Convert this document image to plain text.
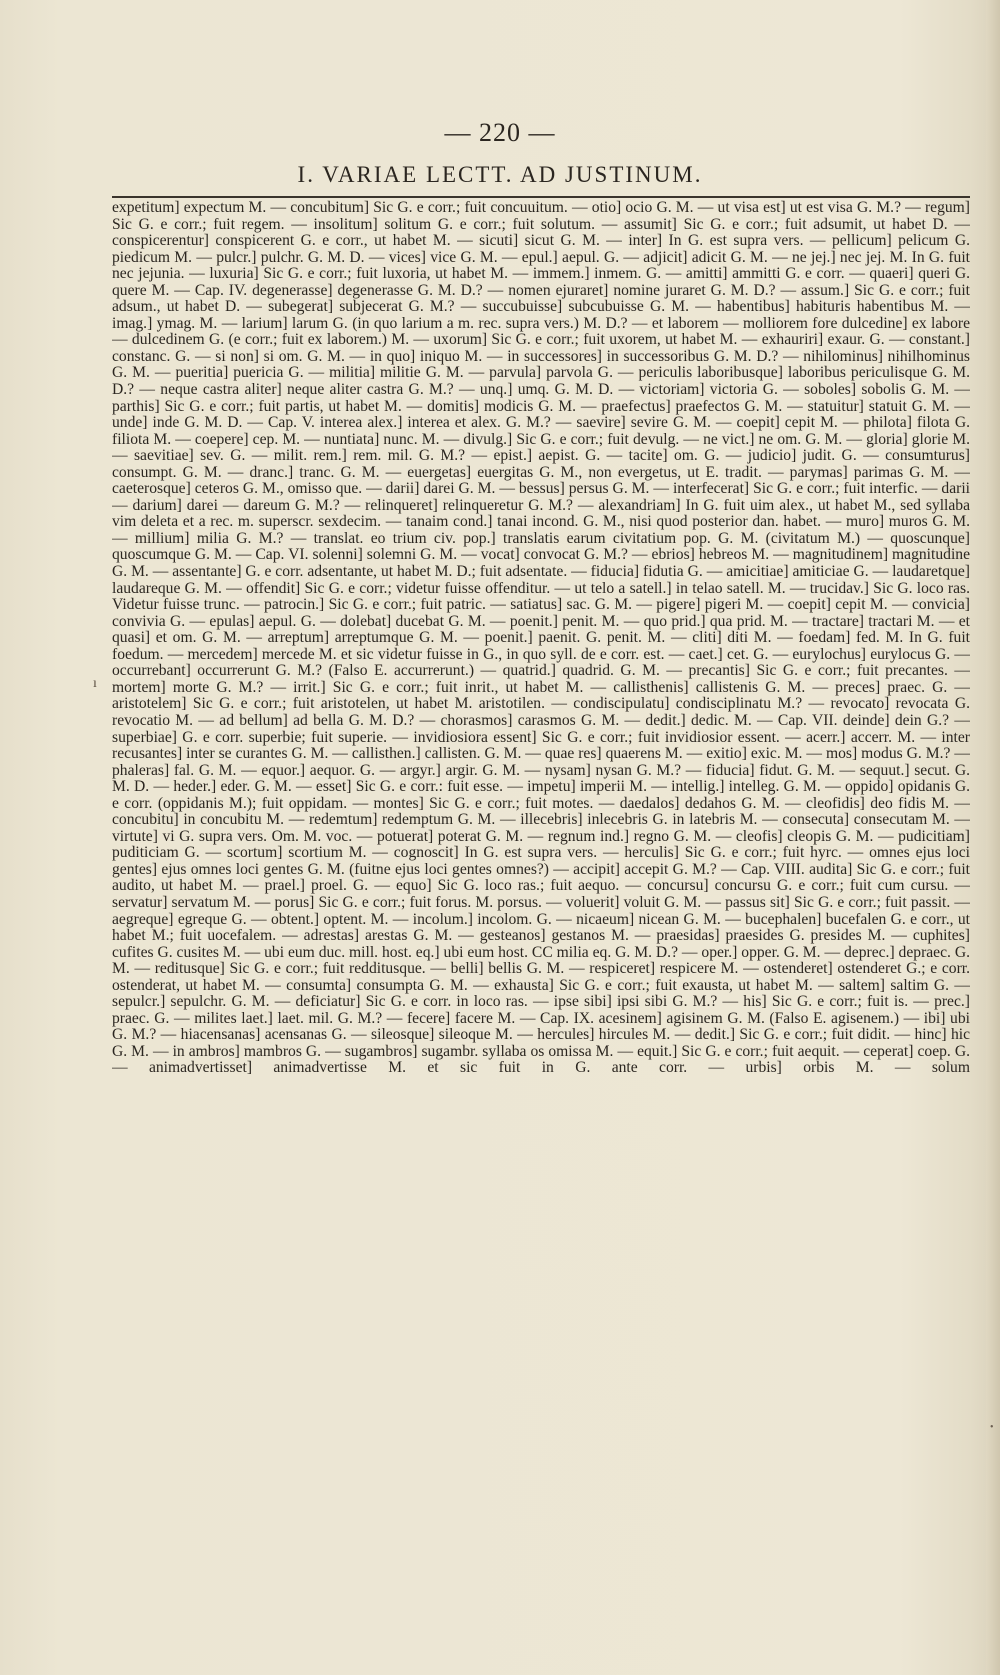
— 220 —
I. VARIAE LECTT. AD JUSTINUM.
ı
•

expetitum] expectum M. — concubitum] Sic G. e corr.; fuit concuuitum. — otio] ocio G. M. — ut visa est] ut est visa G. M.? — regum] Sic G. e corr.; fuit regem. — insolitum] solitum G. e corr.; fuit solutum. — assumit] Sic G. e corr.; fuit adsumit, ut habet D. — conspicerentur] conspicerent G. e corr., ut habet M. — sicuti] sicut G. M. — inter] In G. est supra vers. — pellicum] pelicum G. piedicum M. — pulcr.] pulchr. G. M. D. — vices] vice G. M. — epul.] aepul. G. — adjicit] adicit G. M. — ne jej.] nec jej. M. In G. fuit nec jejunia. — luxuria] Sic G. e corr.; fuit luxoria, ut habet M. — immem.] inmem. G. — amitti] ammitti G. e corr. — quaeri] queri G. quere M. — Cap. IV. degenerasse] degenerasse G. M. D.? — nomen ejuraret] nomine juraret G. M. D.? — assum.] Sic G. e corr.; fuit adsum., ut habet D. — subegerat] subjecerat G. M.? — succubuisse] subcubuisse G. M. — habentibus] habituris habentibus M. — imag.] ymag. M. — larium] larum G. (in quo larium a m. rec. supra vers.) M. D.? — et laborem — molliorem fore dulcedine] ex labore — dulcedinem G. (e corr.; fuit ex laborem.) M. — uxorum] Sic G. e corr.; fuit uxorem, ut habet M. — exhauriri] exaur. G. — constant.] constanc. G. — si non] si om. G. M. — in quo] iniquo M. — in successores] in successoribus G. M. D.? — nihilominus] nihilhominus G. M. — pueritia] puericia G. — militia] militie G. M. — parvula] parvola G. — periculis laboribusque] laboribus periculisque G. M. D.? — neque castra aliter] neque aliter castra G. M.? — unq.] umq. G. M. D. — victoriam] victoria G. — soboles] sobolis G. M. — parthis] Sic G. e corr.; fuit partis, ut habet M. — domitis] modicis G. M. — praefectus] praefectos G. M. — statuitur] statuit G. M. — unde] inde G. M. D. — Cap. V. interea alex.] interea et alex. G. M.? — saevire] sevire G. M. — coepit] cepit M. — philota] filota G. filiota M. — coepere] cep. M. — nuntiata] nunc. M. — divulg.] Sic G. e corr.; fuit devulg. — ne vict.] ne om. G. M. — gloria] glorie M. — saevitiae] sev. G. — milit. rem.] rem. mil. G. M.? — epist.] aepist. G. — tacite] om. G. — judicio] judit. G. — consumturus] consumpt. G. M. — dranc.] tranc. G. M. — euergetas] euergitas G. M., non evergetus, ut E. tradit. — parymas] parimas G. M. — caeterosque] ceteros G. M., omisso que. — darii] darei G. M. — bessus] persus G. M. — interfecerat] Sic G. e corr.; fuit interfic. — darii — darium] darei — dareum G. M.? — relinqueret] relinqueretur G. M.? — alexandriam] In G. fuit uim alex., ut habet M., sed syllaba vim deleta et a rec. m. superscr. sexdecim. — tanaim cond.] tanai incond. G. M., nisi quod posterior dan. habet. — muro] muros G. M. — millium] milia G. M.? — translat. eo trium civ. pop.] translatis earum civitatium pop. G. M. (civitatum M.) — quoscunque] quoscumque G. M. — Cap. VI. solenni] solemni G. M. — vocat] convocat G. M.? — ebrios] hebreos M. — magnitudinem] magnitudine G. M. — assentante] G. e corr. adsentante, ut habet M. D.; fuit adsentate. — fiducia] fidutia G. — amicitiae] amiticiae G. — laudaretque] laudareque G. M. — offendit] Sic G. e corr.; videtur fuisse offenditur. — ut telo a satell.] in telao satell. M. — trucidav.] Sic G. loco ras. Videtur fuisse trunc. — patrocin.] Sic G. e corr.; fuit patric. — satiatus] sac. G. M. — pigere] pigeri M. — coepit] cepit M. — convicia] convivia G. — epulas] aepul. G. — dolebat] ducebat G. M. — poenit.] penit. M. — quo prid.] qua prid. M. — tractare] tractari M. — et quasi] et om. G. M. — arreptum] arreptumque G. M. — poenit.] paenit. G. penit. M. — cliti] diti M. — foedam] fed. M. In G. fuit foedum. — mercedem] mercede M. et sic videtur fuisse in G., in quo syll. de e corr. est. — caet.] cet. G. — eurylochus] eurylocus G. — occurrebant] occurrerunt G. M.? (Falso E. accurrerunt.) — quatrid.] quadrid. G. M. — precantis] Sic G. e corr.; fuit precantes. — mortem] morte G. M.? — irrit.] Sic G. e corr.; fuit inrit., ut habet M. — callisthenis] callistenis G. M. — preces] praec. G. — aristotelem] Sic G. e corr.; fuit aristotelen, ut habet M. aristotilen. — condiscipulatu] condisciplinatu M.? — revocato] revocata G. revocatio M. — ad bellum] ad bella G. M. D.? — chorasmos] carasmos G. M. — dedit.] dedic. M. — Cap. VII. deinde] dein G.? — superbiae] G. e corr. superbie; fuit superie. — invidiosiora essent] Sic G. e corr.; fuit invidiosior essent. — acerr.] accerr. M. — inter recusantes] inter se curantes G. M. — callisthen.] callisten. G. M. — quae res] quaerens M. — exitio] exic. M. — mos] modus G. M.? — phaleras] fal. G. M. — equor.] aequor. G. — argyr.] argir. G. M. — nysam] nysan G. M.? — fiducia] fidut. G. M. — sequut.] secut. G. M. D. — heder.] eder. G. M. — esset] Sic G. e corr.: fuit esse. — impetu] imperii M. — intellig.] intelleg. G. M. — oppido] opidanis G. e corr. (oppidanis M.); fuit oppidam. — montes] Sic G. e corr.; fuit motes. — daedalos] dedahos G. M. — cleofidis] deo fidis M. — concubitu] in concubitu M. — redemtum] redemptum G. M. — illecebris] inlecebris G. in latebris M. — consecuta] consecutam M. — virtute] vi G. supra vers. Om. M. voc. — potuerat] poterat G. M. — regnum ind.] regno G. M. — cleofis] cleopis G. M. — pudicitiam] puditiciam G. — scortum] scortium M. — cognoscit] In G. est supra vers. — herculis] Sic G. e corr.; fuit hyrc. — omnes ejus loci gentes] ejus omnes loci gentes G. M. (fuitne ejus loci gentes omnes?) — accipit] accepit G. M.? — Cap. VIII. audita] Sic G. e corr.; fuit audito, ut habet M. — prael.] proel. G. — equo] Sic G. loco ras.; fuit aequo. — concursu] concursu G. e corr.; fuit cum cursu. — servatur] servatum M. — porus] Sic G. e corr.; fuit forus. M. porsus. — voluerit] voluit G. M. — passus sit] Sic G. e corr.; fuit passit. — aegreque] egreque G. — obtent.] optent. M. — incolum.] incolom. G. — nicaeum] nicean G. M. — bucephalen] bucefalen G. e corr., ut habet M.; fuit uocefalem. — adrestas] arestas G. M. — gesteanos] gestanos M. — praesidas] praesides G. presides M. — cuphites] cufites G. cusites M. — ubi eum duc. mill. host. eq.] ubi eum host. CC milia eq. G. M. D.? — oper.] opper. G. M. — deprec.] depraec. G. M. — reditusque] Sic G. e corr.; fuit redditusque. — belli] bellis G. M. — respiceret] respicere M. — ostenderet] ostenderet G.; e corr. ostenderat, ut habet M. — consumta] consumpta G. M. — exhausta] Sic G. e corr.; fuit exausta, ut habet M. — saltem] saltim G. — sepulcr.] sepulchr. G. M. — deficiatur] Sic G. e corr. in loco ras. — ipse sibi] ipsi sibi G. M.? — his] Sic G. e corr.; fuit is. — prec.] praec. G. — milites laet.] laet. mil. G. M.? — fecere] facere M. — Cap. IX. acesinem] agisinem G. M. (Falso E. agisenem.) — ibi] ubi G. M.? — hiacensanas] acensanas G. — sileosque] sileoque M. — hercules] hircules M. — dedit.] Sic G. e corr.; fuit didit. — hinc] hic G. M. — in ambros] mambros G. — sugambros] sugambr. syllaba os omissa M. — equit.] Sic G. e corr.; fuit aequit. — ceperat] coep. G. — animadvertisset] animadvertisse M. et sic fuit in G. ante corr. — urbis] orbis M. — solum
